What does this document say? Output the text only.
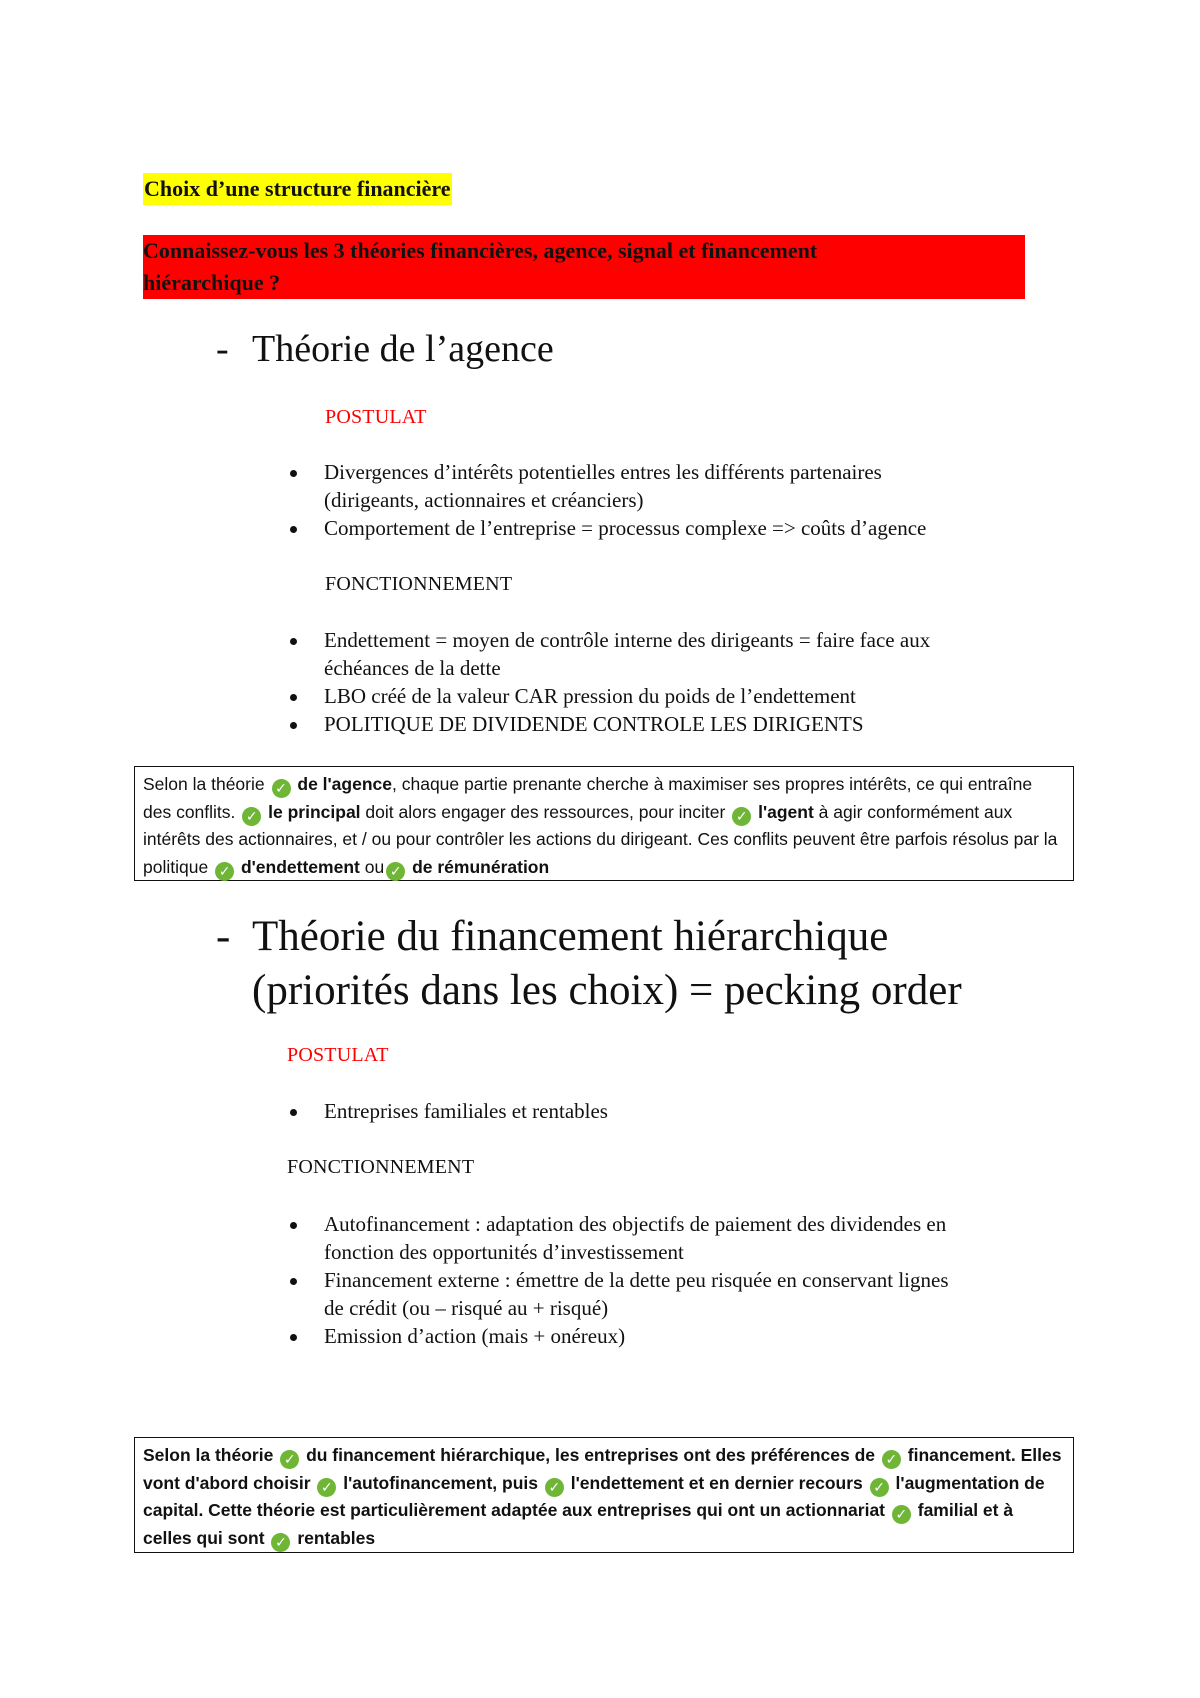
Choix d’une structure financière
Connaissez-vous les 3 théories financières, agence, signal et financement
hiérarchique ?
- Théorie de l’agence
POSTULAT
Divergences d’intérêts potentielles entres les différents partenaires
(dirigeants, actionnaires et créanciers)
Comportement de l’entreprise = processus complexe => coûts d’agence
FONCTIONNEMENT
Endettement = moyen de contrôle interne des dirigeants = faire face aux
échéances de la dette
LBO créé de la valeur CAR pression du poids de l’endettement
POLITIQUE DE DIVIDENDE CONTROLE LES DIRIGENTS
Selon la théorie ✓ de l'agence, chaque partie prenante cherche à maximiser ses propres intérêts, ce qui entraîne des conflits. ✓ le principal doit alors engager des ressources, pour inciter ✓ l'agent à agir conformément aux intérêts des actionnaires, et / ou pour contrôler les actions du dirigeant. Ces conflits peuvent être parfois résolus par la politique ✓ d'endettement ou ✓ de rémunération
- Théorie du financement hiérarchique
(priorités dans les choix) = pecking order
POSTULAT
Entreprises familiales et rentables
FONCTIONNEMENT
Autofinancement : adaptation des objectifs de paiement des dividendes en
fonction des opportunités d’investissement
Financement externe : émettre de la dette peu risquée en conservant lignes
de crédit (ou – risqué au + risqué)
Emission d’action (mais + onéreux)
Selon la théorie ✓ du financement hiérarchique, les entreprises ont des préférences de ✓ financement. Elles vont d'abord choisir ✓ l'autofinancement, puis ✓ l'endettement et en dernier recours ✓ l'augmentation de capital. Cette théorie est particulièrement adaptée aux entreprises qui ont un actionnariat ✓ familial et à celles qui sont ✓ rentables
